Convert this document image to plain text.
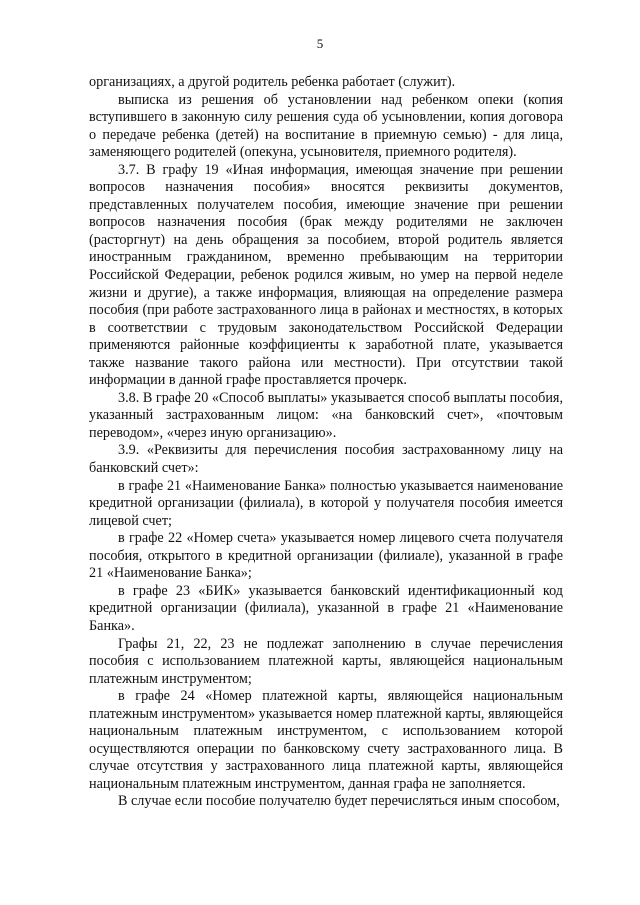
5

организациях, а другой родитель ребенка работает (служит).

выписка из решения об установлении над ребенком опеки (копия вступившего в законную силу решения суда об усыновлении, копия договора о передаче ребенка (детей) на воспитание в приемную семью) - для лица, заменяющего родителей (опекуна, усыновителя, приемного родителя).

3.7. В графу 19 «Иная информация, имеющая значение при решении вопросов назначения пособия» вносятся реквизиты документов, представленных получателем пособия, имеющие значение при решении вопросов назначения пособия (брак между родителями не заключен (расторгнут) на день обращения за пособием, второй родитель является иностранным гражданином, временно пребывающим на территории Российской Федерации, ребенок родился живым, но умер на первой неделе жизни и другие), а также информация, влияющая на определение размера пособия (при работе застрахованного лица в районах и местностях, в которых в соответствии с трудовым законодательством Российской Федерации применяются районные коэффициенты к заработной плате, указывается также название такого района или местности). При отсутствии такой информации в данной графе проставляется прочерк.

3.8. В графе 20 «Способ выплаты» указывается способ выплаты пособия, указанный застрахованным лицом: «на банковский счет», «почтовым переводом», «через иную организацию».

3.9. «Реквизиты для перечисления пособия застрахованному лицу на банковский счет»:

в графе 21 «Наименование Банка» полностью указывается наименование кредитной организации (филиала), в которой у получателя пособия имеется лицевой счет;

в графе 22 «Номер счета» указывается номер лицевого счета получателя пособия, открытого в кредитной организации (филиале), указанной в графе 21 «Наименование Банка»;

в графе 23 «БИК» указывается банковский идентификационный код кредитной организации (филиала), указанной в графе 21 «Наименование Банка».

Графы 21, 22, 23 не подлежат заполнению в случае перечисления пособия с использованием платежной карты, являющейся национальным платежным инструментом;

в графе 24 «Номер платежной карты, являющейся национальным платежным инструментом» указывается номер платежной карты, являющейся национальным платежным инструментом, с использованием которой осуществляются операции по банковскому счету застрахованного лица. В случае отсутствия у застрахованного лица платежной карты, являющейся национальным платежным инструментом, данная графа не заполняется.

В случае если пособие получателю будет перечисляться иным способом,
